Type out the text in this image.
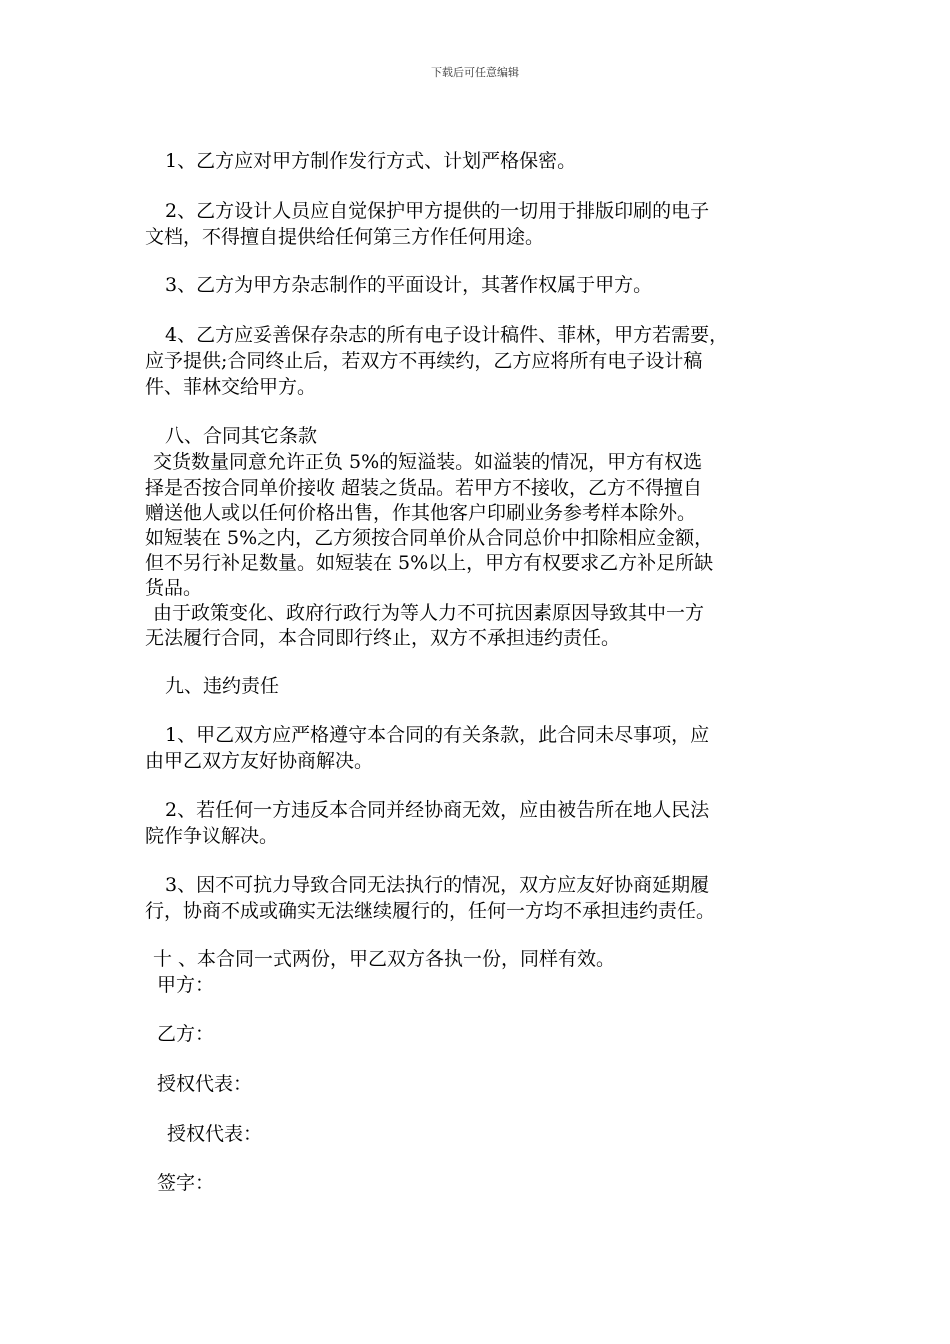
下载后可任意编辑
1、乙方应对甲方制作发行方式、计划严格保密。
2、乙方设计人员应自觉保护甲方提供的一切用于排版印刷的电子
文档，不得擅自提供给任何第三方作任何用途。
3、乙方为甲方杂志制作的平面设计，其著作权属于甲方。
4、乙方应妥善保存杂志的所有电子设计稿件、菲林，甲方若需要，
应予提供;合同终止后，若双方不再续约，乙方应将所有电子设计稿
件、菲林交给甲方。
八、合同其它条款
交货数量同意允许正负 5%的短溢装。如溢装的情况，甲方有权选
择是否按合同单价接收 超装之货品。若甲方不接收，乙方不得擅自
赠送他人或以任何价格出售，作其他客户印刷业务参考样本除外。
如短装在 5%之内，乙方须按合同单价从合同总价中扣除相应金额，
但不另行补足数量。如短装在 5%以上，甲方有权要求乙方补足所缺
货品。
由于政策变化、政府行政行为等人力不可抗因素原因导致其中一方
无法履行合同，本合同即行终止，双方不承担违约责任。
九、违约责任
1、甲乙双方应严格遵守本合同的有关条款，此合同未尽事项，应
由甲乙双方友好协商解决。
2、若任何一方违反本合同并经协商无效，应由被告所在地人民法
院作争议解决。
3、因不可抗力导致合同无法执行的情况，双方应友好协商延期履
行，协商不成或确实无法继续履行的，任何一方均不承担违约责任。
十 、本合同一式两份，甲乙双方各执一份，同样有效。
甲方：
乙方：
授权代表：
授权代表：
签字：
